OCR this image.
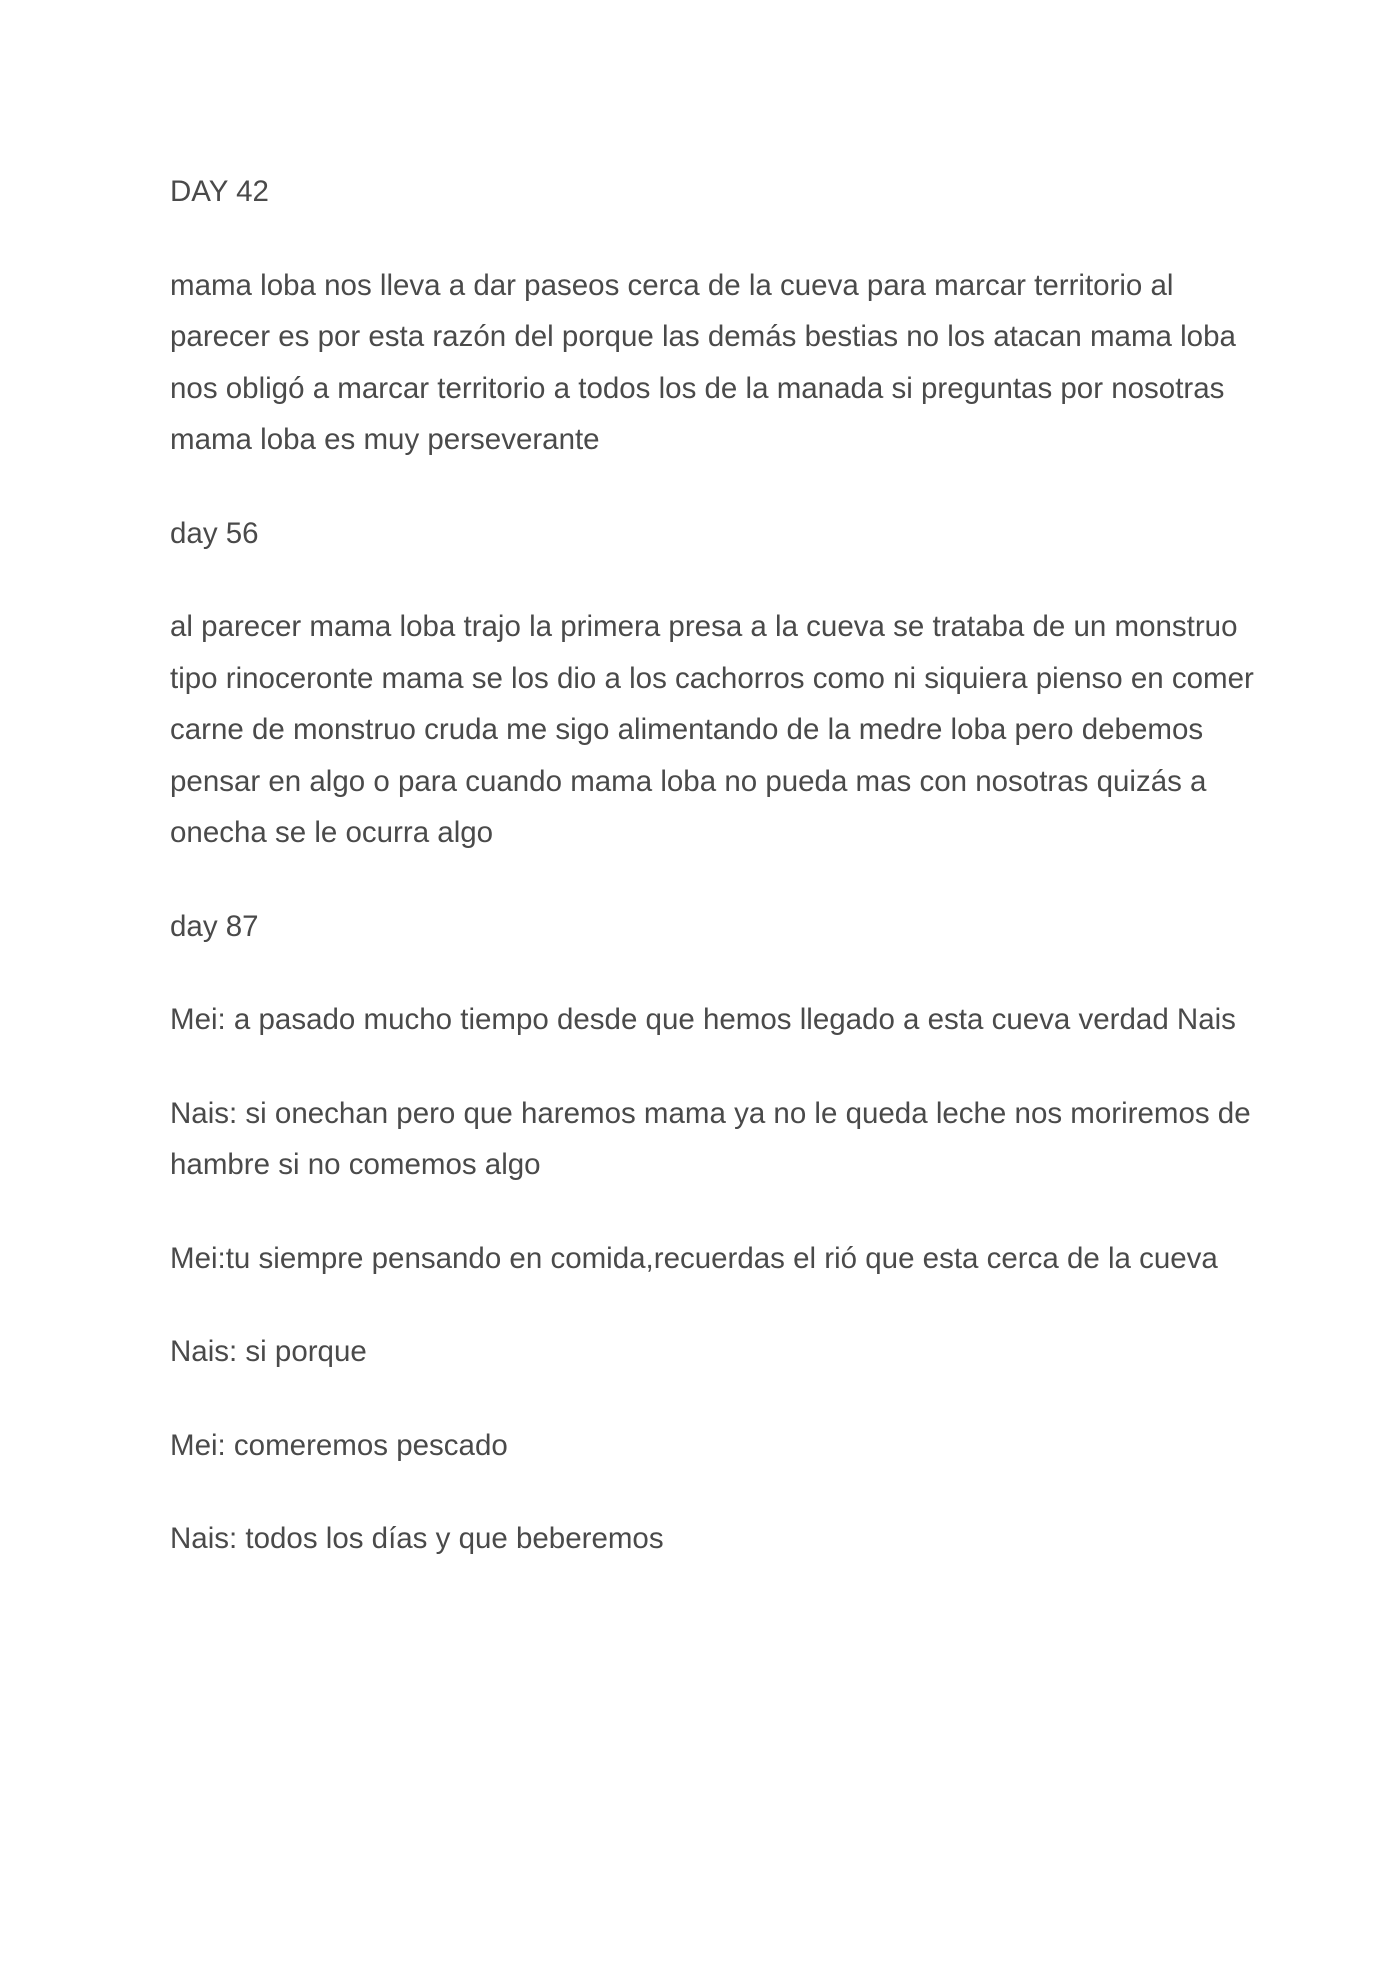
DAY 42

mama loba nos lleva a dar paseos cerca de la cueva para marcar territorio al parecer es por esta razón del porque las demás bestias no los atacan mama loba nos obligó a marcar territorio a todos los de la manada si preguntas por nosotras mama loba es muy perseverante

day 56

al parecer mama loba trajo la primera presa a la cueva se trataba de un monstruo tipo rinoceronte mama se los dio a los cachorros como ni siquiera pienso en comer carne de monstruo cruda me sigo alimentando de la medre loba pero debemos pensar en algo o para cuando mama loba no pueda mas con nosotras quizás a onecha se le ocurra algo

day 87

Mei: a pasado mucho tiempo desde que hemos llegado a esta cueva verdad Nais

Nais: si onechan pero que haremos mama ya no le queda leche nos moriremos de hambre si no comemos algo

Mei:tu siempre pensando en comida,recuerdas el rió que esta cerca de la cueva

Nais: si porque

Mei: comeremos pescado

Nais: todos los días y que beberemos
